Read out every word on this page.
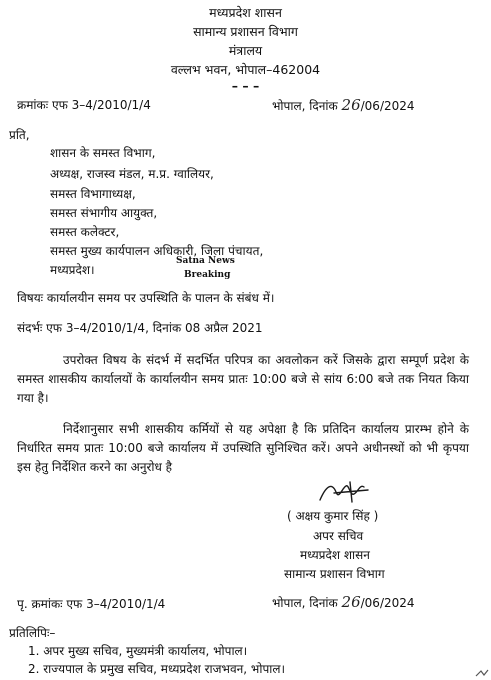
मध्यप्रदेश शासन
सामान्य प्रशासन विभाग
मंत्रालय
वल्लभ भवन, भोपाल–462004
– – –
क्रमांकः एफ 3–4/2010/1/4	भोपाल, दिनांक 26/06/2024
प्रति,
शासन के समस्त विभाग,
अध्यक्ष, राजस्व मंडल, म.प्र. ग्वालियर,
समस्त विभागाध्यक्ष,
समस्त संभागीय आयुक्त,
समस्त कलेक्टर,
समस्त मुख्य कार्यपालन अधिकारी, जिला पंचायत,
मध्यप्रदेश।
Satna News
Breaking
विषयः कार्यालयीन समय पर उपस्थिति के पालन के संबंध में।
संदर्भः एफ 3–4/2010/1/4, दिनांक 08 अप्रैल 2021
उपरोक्त विषय के संदर्भ में सदर्भित परिपत्र का अवलोकन करें जिसके द्वारा सम्पूर्ण प्रदेश के समस्त शासकीय कार्यालयों के कार्यालयीन समय प्रातः 10:00 बजे से सांय 6:00 बजे तक नियत किया गया है।
निर्देशानुसार सभी शासकीय कर्मियों से यह अपेक्षा है कि प्रतिदिन कार्यालय प्रारम्भ होने के निर्धारित समय प्रातः 10:00 बजे कार्यालय में उपस्थिति सुनिश्चित करें। अपने अधीनस्थों को भी कृपया इस हेतु निर्देशित करने का अनुरोध है
( अक्षय कुमार सिंह )
अपर सचिव
मध्यप्रदेश शासन
सामान्य प्रशासन विभाग
पृ. क्रमांकः एफ 3–4/2010/1/4	भोपाल, दिनांक 26/06/2024
प्रतिलिपिः–
1. अपर मुख्य सचिव, मुख्यमंत्री कार्यालय, भोपाल।
2. राज्यपाल के प्रमुख सचिव, मध्यप्रदेश राजभवन, भोपाल।
